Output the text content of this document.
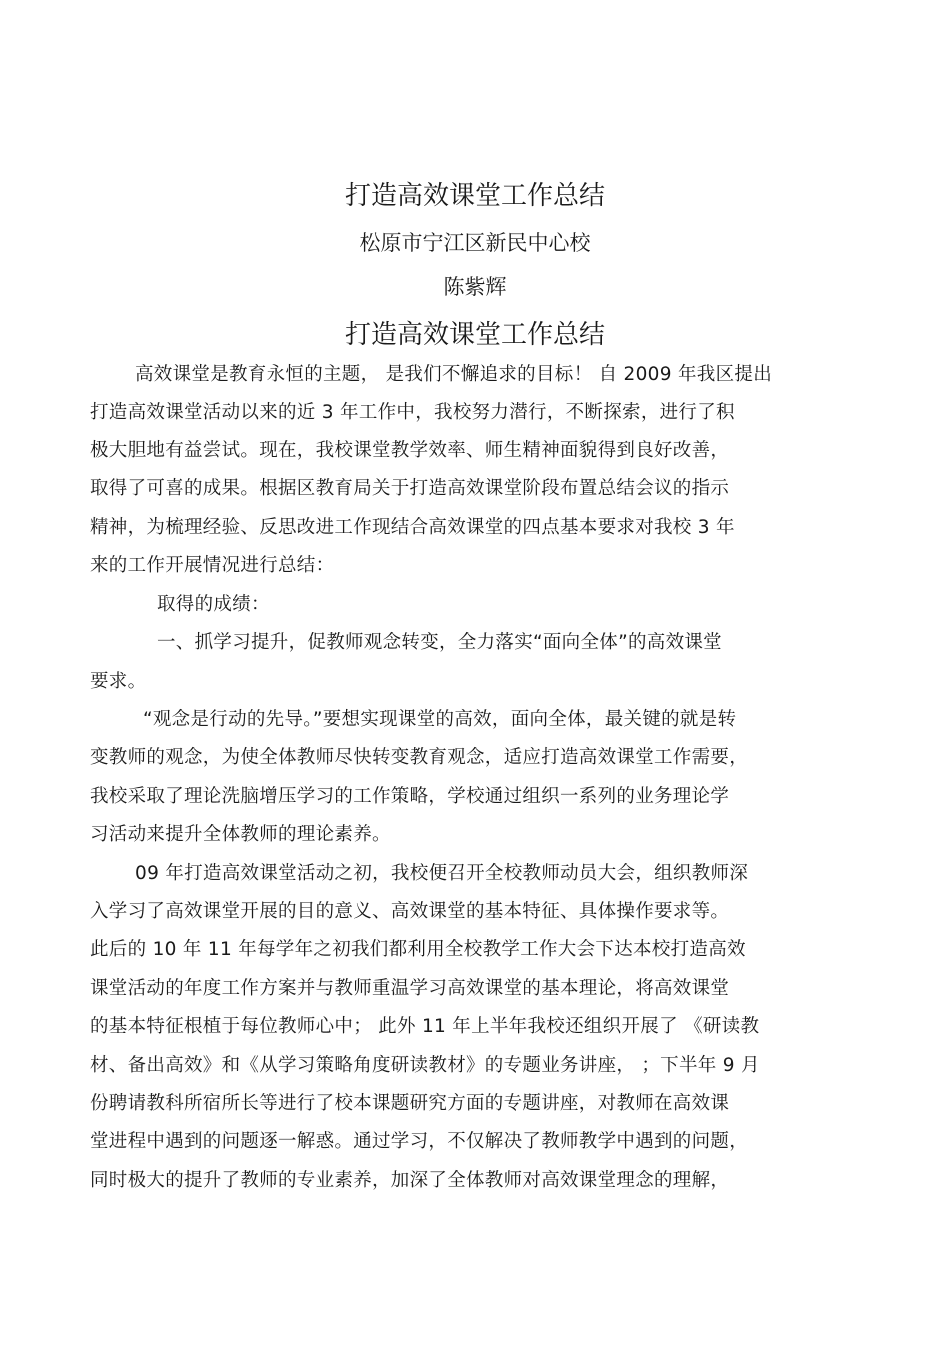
打造高效课堂工作总结
松原市宁江区新民中心校
陈紫辉
打造高效课堂工作总结
高效课堂是教育永恒的主题， 是我们不懈追求的目标！ 自 2009 年我区提出
打造高效课堂活动以来的近 3 年工作中，我校努力潜行，不断探索，进行了积
极大胆地有益尝试。现在，我校课堂教学效率、师生精神面貌得到良好改善，
取得了可喜的成果。根据区教育局关于打造高效课堂阶段布置总结会议的指示
精神，为梳理经验、反思改进工作现结合高效课堂的四点基本要求对我校 3 年
来的工作开展情况进行总结：
取得的成绩：
一、抓学习提升，促教师观念转变，全力落实“面向全体”的高效课堂
要求。
“观念是行动的先导。”要想实现课堂的高效，面向全体，最关键的就是转
变教师的观念，为使全体教师尽快转变教育观念，适应打造高效课堂工作需要，
我校采取了理论洗脑增压学习的工作策略，学校通过组织一系列的业务理论学
习活动来提升全体教师的理论素养。
09 年打造高效课堂活动之初，我校便召开全校教师动员大会，组织教师深
入学习了高效课堂开展的目的意义、高效课堂的基本特征、具体操作要求等。
此后的 10 年 11 年每学年之初我们都利用全校教学工作大会下达本校打造高效
课堂活动的年度工作方案并与教师重温学习高效课堂的基本理论，将高效课堂
的基本特征根植于每位教师心中； 此外 11 年上半年我校还组织开展了 《研读教
材、备出高效》和《从学习策略角度研读教材》的专题业务讲座， ；下半年 9 月
份聘请教科所宿所长等进行了校本课题研究方面的专题讲座，对教师在高效课
堂进程中遇到的问题逐一解惑。通过学习，不仅解决了教师教学中遇到的问题，
同时极大的提升了教师的专业素养，加深了全体教师对高效课堂理念的理解，
